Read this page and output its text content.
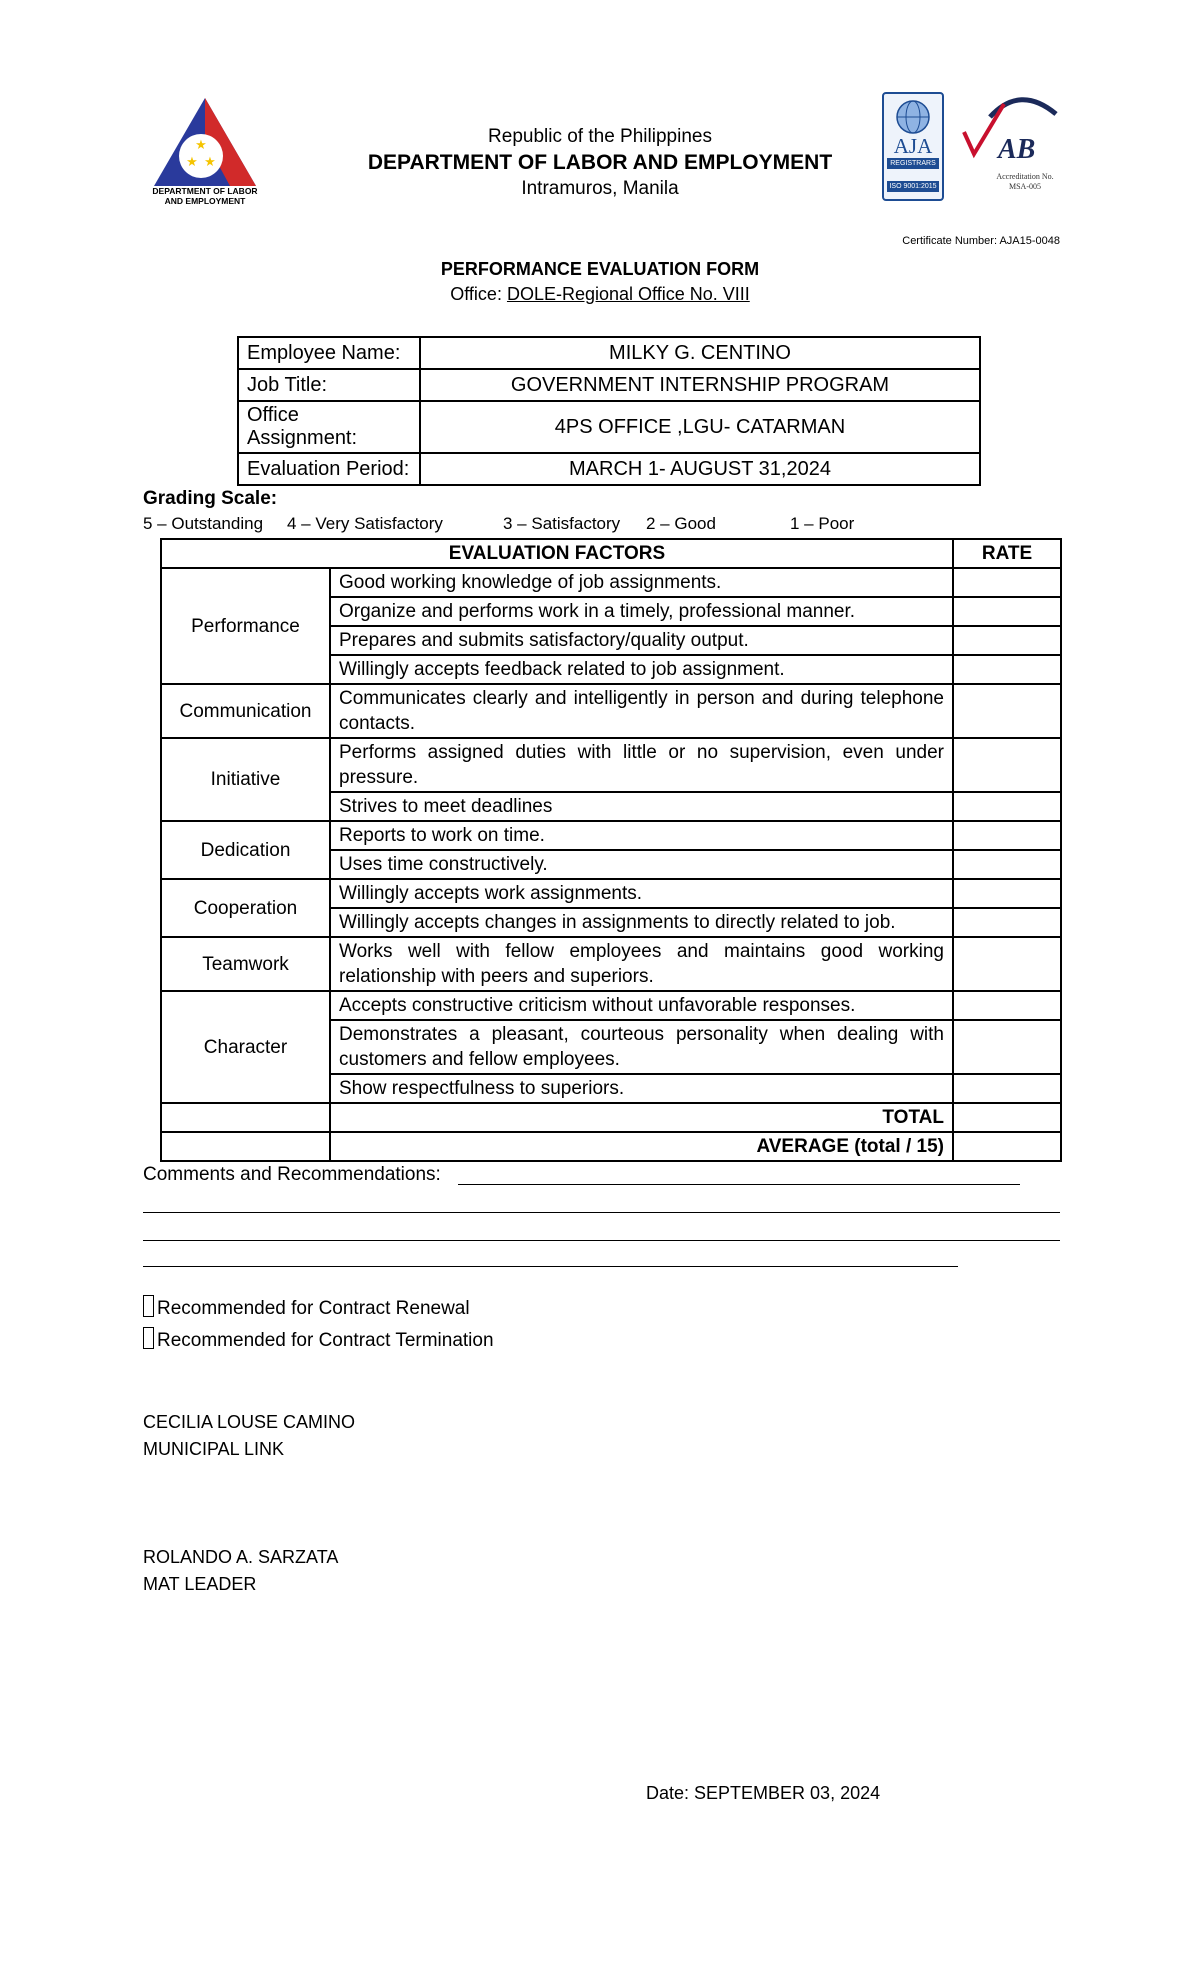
★
★ ★
DEPARTMENT OF LABOR
AND EMPLOYMENT
Republic of the Philippines
DEPARTMENT OF LABOR AND EMPLOYMENT
Intramuros, Manila
AJA
REGISTRARS
ISO 9001:2015
AB
Accreditation No.
MSA-005
Certificate Number: AJA15-0048
PERFORMANCE EVALUATION FORM
Office: DOLE-Regional Office No. VIII
Employee Name:	MILKY G. CENTINO
Job Title:	GOVERNMENT INTERNSHIP PROGRAM
Office Assignment:	4PS OFFICE ,LGU- CATARMAN
Evaluation Period:	MARCH 1- AUGUST 31,2024
Grading Scale:
5 – Outstanding 4 – Very Satisfactory	3 – Satisfactory 2 – Good	1 – Poor
EVALUATION FACTORS		RATE
Performance	Good working knowledge of job assignments.	
	Organize and performs work in a timely, professional manner.	
	Prepares and submits satisfactory/quality output.	
	Willingly accepts feedback related to job assignment.	
Communication	Communicates clearly and intelligently in person and during telephone contacts.	
Initiative	Performs assigned duties with little or no supervision, even under pressure.	
	Strives to meet deadlines	
Dedication	Reports to work on time.	
	Uses time constructively.	
Cooperation	Willingly accepts work assignments.	
	Willingly accepts changes in assignments to directly related to job.	
Teamwork	Works well with fellow employees and maintains good working relationship with peers and superiors.	
Character	Accepts constructive criticism without unfavorable responses.	
	Demonstrates a pleasant, courteous personality when dealing with customers and fellow employees.	
	Show respectfulness to superiors.	
	TOTAL	
	AVERAGE (total / 15)	
Comments and Recommendations:
Recommended for Contract Renewal
Recommended for Contract Termination
CECILIA LOUSE CAMINO
MUNICIPAL LINK
ROLANDO A. SARZATA
MAT LEADER
Date: SEPTEMBER 03, 2024
